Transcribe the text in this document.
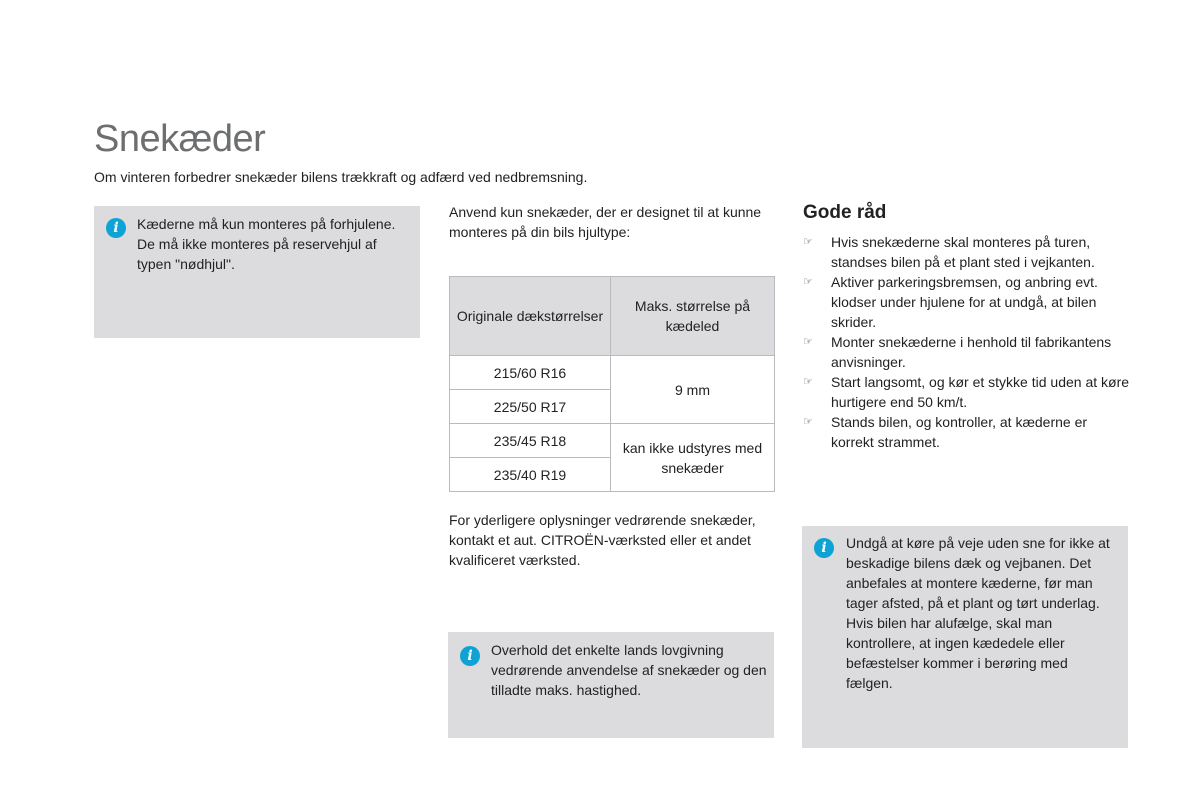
Snekæder

Om vinteren forbedrer snekæder bilens trækkraft og adfærd ved nedbremsning.

i	Kæderne må kun monteres på forhjulene. De må ikke monteres på reservehjul af typen "nødhjul".

Anvend kun snekæder, der er designet til at kunne monteres på din bils hjultype:

Originale dækstørrelser	Maks. størrelse på kædeled
215/60 R16	9 mm
225/50 R17	
235/45 R18	kan ikke udstyres med snekæder
235/40 R19	

For yderligere oplysninger vedrørende snekæder, kontakt et aut. CITROËN-værksted eller et andet kvalificeret værksted.

i	Overhold det enkelte lands lovgivning vedrørende anvendelse af snekæder og den tilladte maks. hastighed.
Gode råd
☞ Hvis snekæderne skal monteres på turen, standses bilen på et plant sted i vejkanten.
☞ Aktiver parkeringsbremsen, og anbring evt. klodser under hjulene for at undgå, at bilen skrider.
☞ Monter snekæderne i henhold til fabrikantens anvisninger.
☞ Start langsomt, og kør et stykke tid uden at køre hurtigere end 50 km/t.
☞ Stands bilen, og kontroller, at kæderne er korrekt strammet.
i	Undgå at køre på veje uden sne for ikke at beskadige bilens dæk og vejbanen. Det anbefales at montere kæderne, før man tager afsted, på et plant og tørt underlag. Hvis bilen har alufælge, skal man kontrollere, at ingen kædedele eller befæstelser kommer i berøring med fælgen.
